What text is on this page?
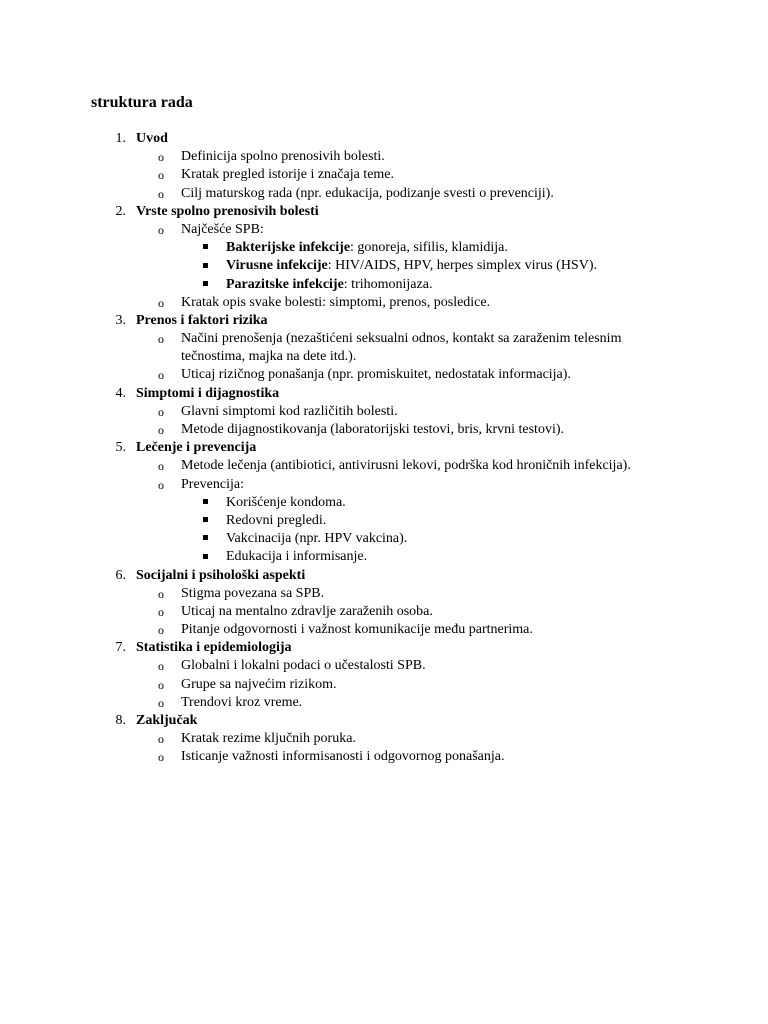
struktura rada
1. Uvod
o Definicija spolno prenosivih bolesti.
o Kratak pregled istorije i značaja teme.
o Cilj maturskog rada (npr. edukacija, podizanje svesti o prevenciji).
2. Vrste spolno prenosivih bolesti
o Najčešće SPB:
Bakterijske infekcije: gonoreja, sifilis, klamidija.
Virusne infekcije: HIV/AIDS, HPV, herpes simplex virus (HSV).
Parazitske infekcije: trihomonijaza.
o Kratak opis svake bolesti: simptomi, prenos, posledice.
3. Prenos i faktori rizika
o Načini prenošenja (nezaštićeni seksualni odnos, kontakt sa zaraženim telesnim
tečnostima, majka na dete itd.).
o Uticaj rizičnog ponašanja (npr. promiskuitet, nedostatak informacija).
4. Simptomi i dijagnostika
o Glavni simptomi kod različitih bolesti.
o Metode dijagnostikovanja (laboratorijski testovi, bris, krvni testovi).
5. Lečenje i prevencija
o Metode lečenja (antibiotici, antivirusni lekovi, podrška kod hroničnih infekcija).
o Prevencija:
Korišćenje kondoma.
Redovni pregledi.
Vakcinacija (npr. HPV vakcina).
Edukacija i informisanje.
6. Socijalni i psihološki aspekti
o Stigma povezana sa SPB.
o Uticaj na mentalno zdravlje zaraženih osoba.
o Pitanje odgovornosti i važnost komunikacije među partnerima.
7. Statistika i epidemiologija
o Globalni i lokalni podaci o učestalosti SPB.
o Grupe sa najvećim rizikom.
o Trendovi kroz vreme.
8. Zaključak
o Kratak rezime ključnih poruka.
o Isticanje važnosti informisanosti i odgovornog ponašanja.
